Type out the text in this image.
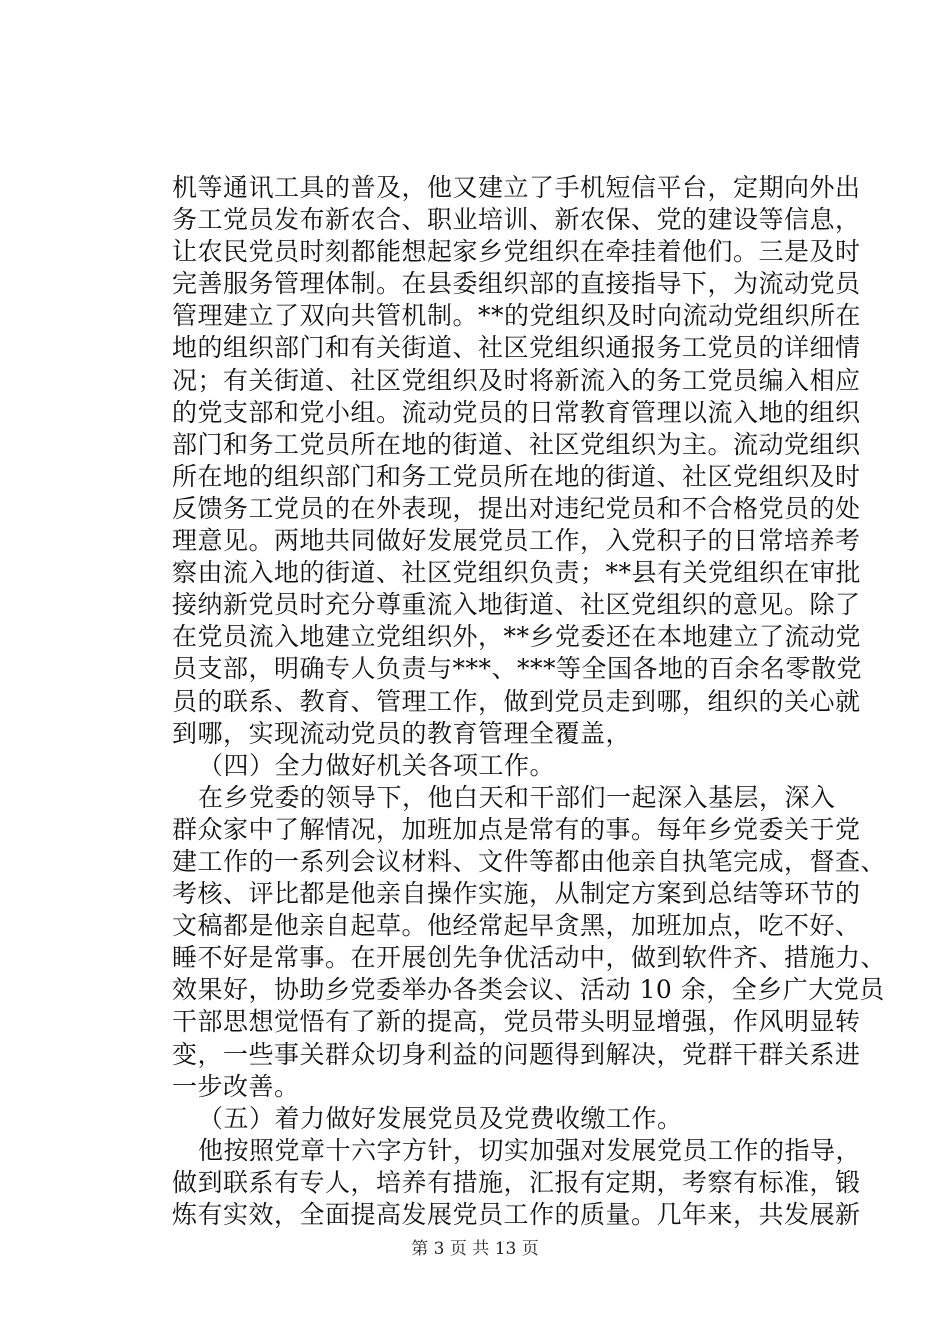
机等通讯工具的普及，他又建立了手机短信平台，定期向外出
务工党员发布新农合、职业培训、新农保、党的建设等信息，
让农民党员时刻都能想起家乡党组织在牵挂着他们。三是及时
完善服务管理体制。在县委组织部的直接指导下，为流动党员
管理建立了双向共管机制。**的党组织及时向流动党组织所在
地的组织部门和有关街道、社区党组织通报务工党员的详细情
况；有关街道、社区党组织及时将新流入的务工党员编入相应
的党支部和党小组。流动党员的日常教育管理以流入地的组织
部门和务工党员所在地的街道、社区党组织为主。流动党组织
所在地的组织部门和务工党员所在地的街道、社区党组织及时
反馈务工党员的在外表现，提出对违纪党员和不合格党员的处
理意见。两地共同做好发展党员工作，入党积子的日常培养考
察由流入地的街道、社区党组织负责；**县有关党组织在审批
接纳新党员时充分尊重流入地街道、社区党组织的意见。除了
在党员流入地建立党组织外，**乡党委还在本地建立了流动党
员支部，明确专人负责与***、***等全国各地的百余名零散党
员的联系、教育、管理工作，做到党员走到哪，组织的关心就
到哪，实现流动党员的教育管理全覆盖，
（四）全力做好机关各项工作。
在乡党委的领导下，他白天和干部们一起深入基层，深入
群众家中了解情况，加班加点是常有的事。每年乡党委关于党
建工作的一系列会议材料、文件等都由他亲自执笔完成，督查、
考核、评比都是他亲自操作实施，从制定方案到总结等环节的
文稿都是他亲自起草。他经常起早贪黑，加班加点，吃不好、
睡不好是常事。在开展创先争优活动中，做到软件齐、措施力、
效果好，协助乡党委举办各类会议、活动 10 余，全乡广大党员
干部思想觉悟有了新的提高，党员带头明显增强，作风明显转
变，一些事关群众切身利益的问题得到解决，党群干群关系进
一步改善。
（五）着力做好发展党员及党费收缴工作。
他按照党章十六字方针，切实加强对发展党员工作的指导，
做到联系有专人，培养有措施，汇报有定期，考察有标准，锻
炼有实效，全面提高发展党员工作的质量。几年来，共发展新
第 3 页 共 13 页
